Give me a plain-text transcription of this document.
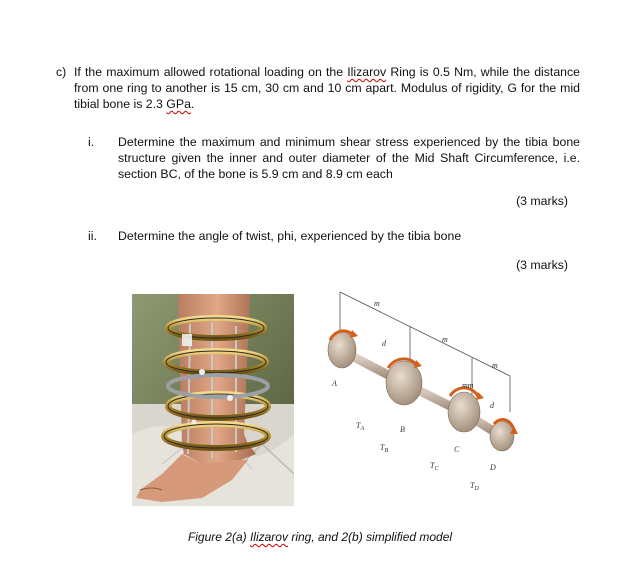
c) If the maximum allowed rotational loading on the Ilizarov Ring is 0.5 Nm, while the distance from one ring to another is 15 cm, 30 cm and 10 cm apart. Modulus of rigidity, G for the mid tibial bone is 2.3 GPa.
i. Determine the maximum and minimum shear stress experienced by the tibia bone structure given the inner and outer diameter of the Mid Shaft Circumference, i.e. section BC, of the bone is 5.9 cm and 8.9 cm each
(3 marks)
ii. Determine the angle of twist, phi, experienced by the tibia bone
(3 marks)
m
m
m
mm
d
d
A
B
C
D
$T_A$
$T_B$
$T_C$
$T_D$
Figure 2(a) Ilizarov ring, and 2(b) simplified model
